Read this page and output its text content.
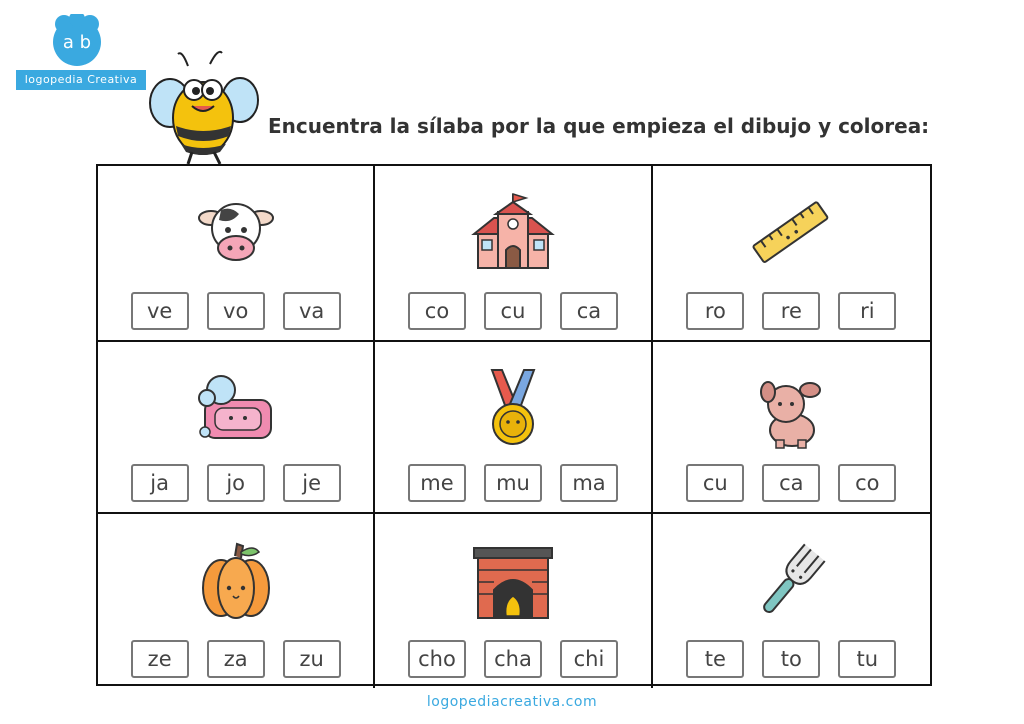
a b
logopedia Creativa
Encuentra la sílaba por la que empieza el dibujo y colorea:
ve	vo	va	co	cu	ca	ro	re	ri
ja	jo	je	me	mu	ma	cu	ca	co
ze	za	zu	cho	cha	chi	te	to	tu
logopediacreativa.com
